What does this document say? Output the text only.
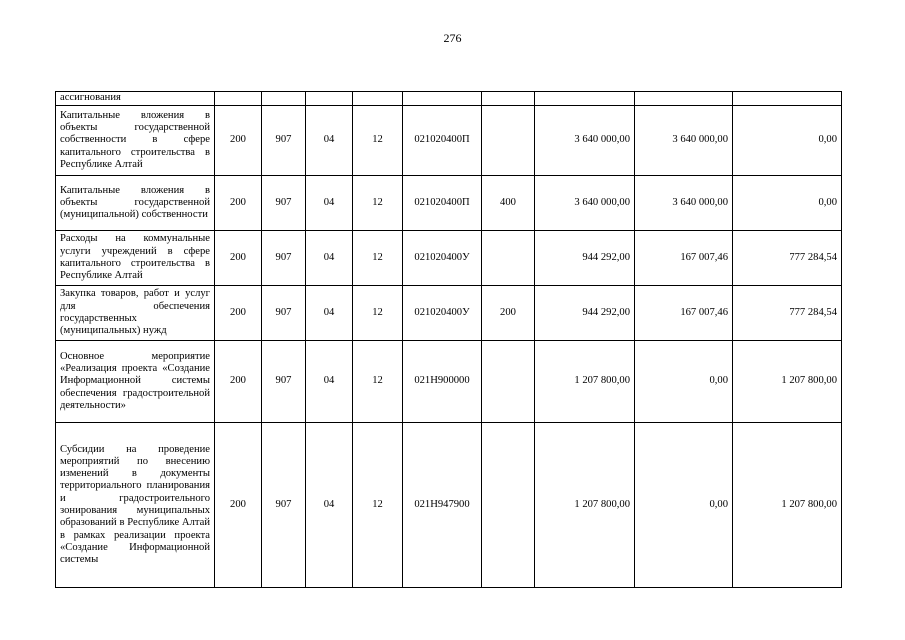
276
ассигнования									
Капитальные вложения в объекты государственной собственности в сфере капитального строительства в Республике Алтай	200	907	04	12	021020400П		3 640 000,00	3 640 000,00	0,00
Капитальные вложения в объекты государственной (муниципальной) собственности	200	907	04	12	021020400П	400	3 640 000,00	3 640 000,00	0,00
Расходы на коммунальные услуги учреждений в сфере капитального строительства в Республике Алтай	200	907	04	12	021020400У		944 292,00	167 007,46	777 284,54
Закупка товаров, работ и услуг для обеспечения государственных (муниципальных) нужд	200	907	04	12	021020400У	200	944 292,00	167 007,46	777 284,54
Основное мероприятие «Реализация проекта «Создание Информационной системы обеспечения градостроительной деятельности»	200	907	04	12	021Н900000		1 207 800,00	0,00	1 207 800,00
Субсидии на проведение мероприятий по внесению изменений в документы территориального планирования и градостроительного зонирования муниципальных образований в Республике Алтай в рамках реализации проекта «Создание Информационной системы	200	907	04	12	021Н947900		1 207 800,00	0,00	1 207 800,00
